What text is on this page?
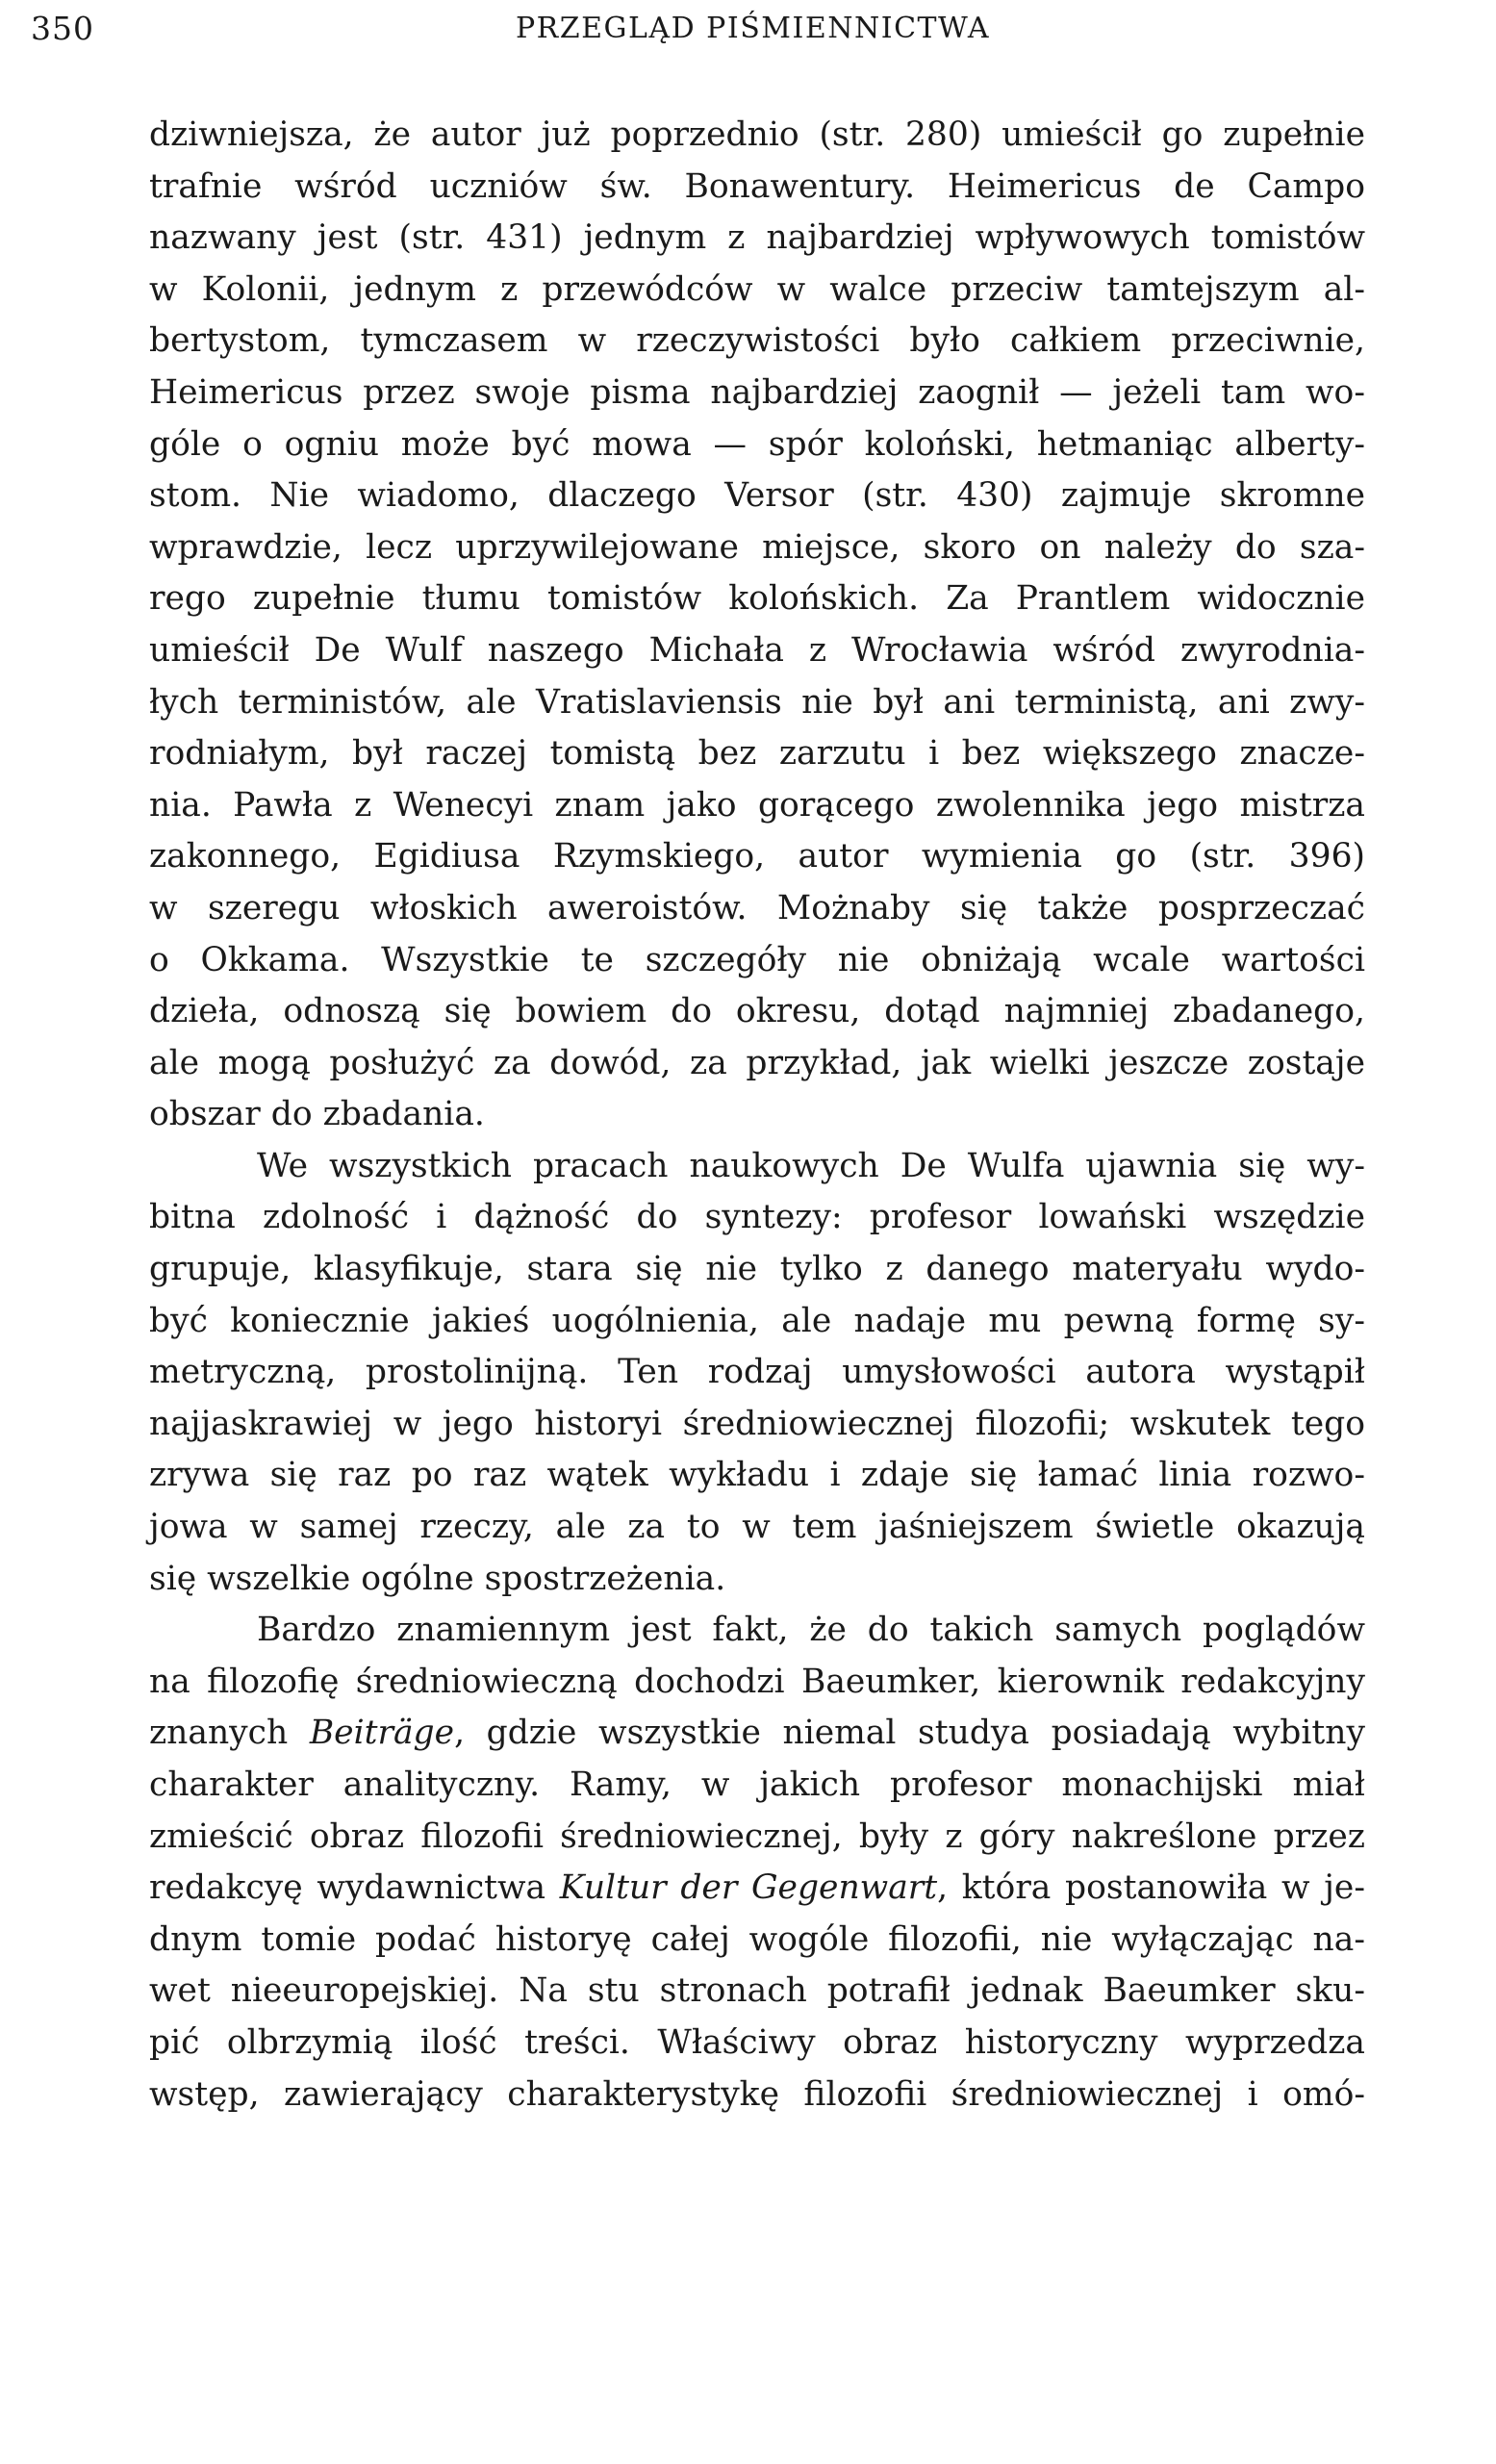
350	PRZEGLĄD PIŚMIENNICTWA
dziwniejsza, że autor już poprzednio (str. 280) umieścił go zupełnie
trafnie wśród uczniów św. Bonawentury. Heimericus de Campo
nazwany jest (str. 431) jednym z najbardziej wpływowych tomistów
w Kolonii, jednym z przewódców w walce przeciw tamtejszym al-
bertystom, tymczasem w rzeczywistości było całkiem przeciwnie,
Heimericus przez swoje pisma najbardziej zaognił — jeżeli tam wo-
góle o ogniu może być mowa — spór koloński, hetmaniąc alberty-
stom. Nie wiadomo, dlaczego Versor (str. 430) zajmuje skromne
wprawdzie, lecz uprzywilejowane miejsce, skoro on należy do sza-
rego zupełnie tłumu tomistów kolońskich. Za Prantlem widocznie
umieścił De Wulf naszego Michała z Wrocławia wśród zwyrodnia-
łych terministów, ale Vratislaviensis nie był ani terministą, ani zwy-
rodniałym, był raczej tomistą bez zarzutu i bez większego znacze-
nia. Pawła z Wenecyi znam jako gorącego zwolennika jego mistrza
zakonnego, Egidiusa Rzymskiego, autor wymienia go (str. 396)
w szeregu włoskich aweroistów. Możnaby się także posprzeczać
o Okkama. Wszystkie te szczegóły nie obniżają wcale wartości
dzieła, odnoszą się bowiem do okresu, dotąd najmniej zbadanego,
ale mogą posłużyć za dowód, za przykład, jak wielki jeszcze zostaje
obszar do zbadania.
We wszystkich pracach naukowych De Wulfa ujawnia się wy-
bitna zdolność i dążność do syntezy: profesor lowański wszędzie
grupuje, klasyfikuje, stara się nie tylko z danego materyału wydo-
być koniecznie jakieś uogólnienia, ale nadaje mu pewną formę sy-
metryczną, prostolinijną. Ten rodzaj umysłowości autora wystąpił
najjaskrawiej w jego historyi średniowiecznej filozofii; wskutek tego
zrywa się raz po raz wątek wykładu i zdaje się łamać linia rozwo-
jowa w samej rzeczy, ale za to w tem jaśniejszem świetle okazują
się wszelkie ogólne spostrzeżenia.
Bardzo znamiennym jest fakt, że do takich samych poglądów
na filozofię średniowieczną dochodzi Baeumker, kierownik redakcyjny
znanych Beiträge, gdzie wszystkie niemal studya posiadają wybitny
charakter analityczny. Ramy, w jakich profesor monachijski miał
zmieścić obraz filozofii średniowiecznej, były z góry nakreślone przez
redakcyę wydawnictwa Kultur der Gegenwart, która postanowiła w je-
dnym tomie podać historyę całej wogóle filozofii, nie wyłączając na-
wet nieeuropejskiej. Na stu stronach potrafił jednak Baeumker sku-
pić olbrzymią ilość treści. Właściwy obraz historyczny wyprzedza
wstęp, zawierający charakterystykę filozofii średniowiecznej i omó-
